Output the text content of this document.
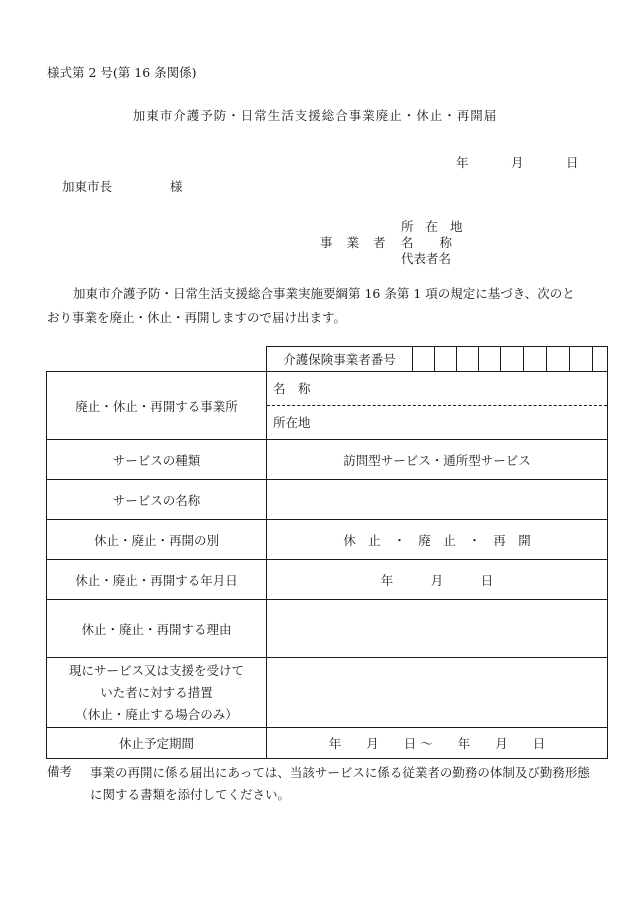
様式第 2 号(第 16 条関係)
加東市介護予防・日常生活支援総合事業廃止・休止・再開届
年	月	日
加東市長	様
事 業 者
所 在 地
名 称
代表者名
加東市介護予防・日常生活支援総合事業実施要綱第 16 条第 1 項の規定に基づき、次のとおり事業を廃止・休止・再開しますので届け出ます。
	介護保険事業者番号									
廃止・休止・再開する事業所	名　称
所在地									

サービスの種類	訪問型サービス・通所型サービス									
サービスの名称										
休止・廃止・再開の別	休　止　・　廃　止　・　再　開									
休止・廃止・再開する年月日	年　　　月　　　日									
休止・廃止・再開する理由										

現にサービス又は支援を受けて
いた者に対する措置
（休止・廃止する場合のみ）										

休止予定期間	年　　月　　日 ～　　年　　月　　日									
備考 事業の再開に係る届出にあっては、当該サービスに係る従業者の勤務の体制及び勤務形態に関する書類を添付してください。
